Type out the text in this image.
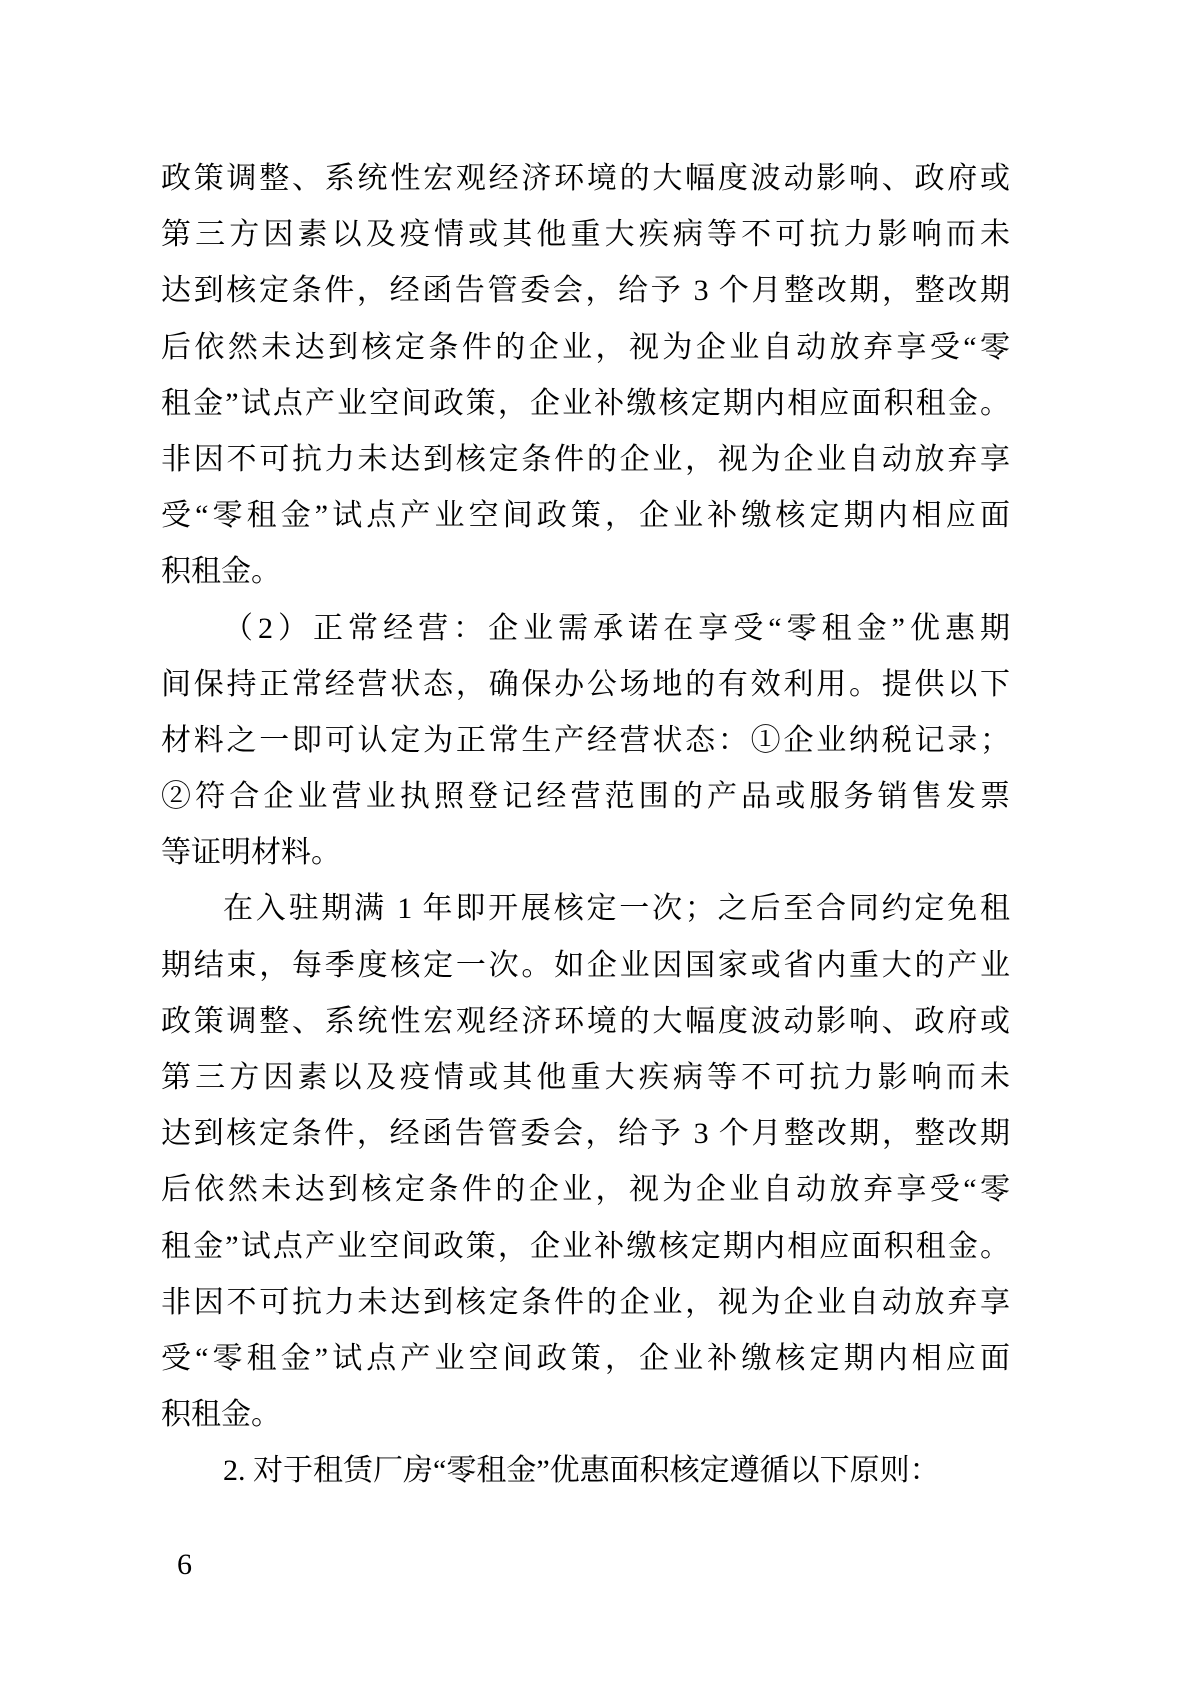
政策调整、系统性宏观经济环境的大幅度波动影响、政府或
第三方因素以及疫情或其他重大疾病等不可抗力影响而未
达到核定条件，经函告管委会，给予 3 个月整改期，整改期
后依然未达到核定条件的企业，视为企业自动放弃享受“零
租金”试点产业空间政策，企业补缴核定期内相应面积租金。
非因不可抗力未达到核定条件的企业，视为企业自动放弃享
受“零租金”试点产业空间政策，企业补缴核定期内相应面
积租金。
（2）正常经营：企业需承诺在享受“零租金”优惠期
间保持正常经营状态，确保办公场地的有效利用。提供以下
材料之一即可认定为正常生产经营状态：①企业纳税记录；
②符合企业营业执照登记经营范围的产品或服务销售发票
等证明材料。
在入驻期满 1 年即开展核定一次；之后至合同约定免租
期结束，每季度核定一次。如企业因国家或省内重大的产业
政策调整、系统性宏观经济环境的大幅度波动影响、政府或
第三方因素以及疫情或其他重大疾病等不可抗力影响而未
达到核定条件，经函告管委会，给予 3 个月整改期，整改期
后依然未达到核定条件的企业，视为企业自动放弃享受“零
租金”试点产业空间政策，企业补缴核定期内相应面积租金。
非因不可抗力未达到核定条件的企业，视为企业自动放弃享
受“零租金”试点产业空间政策，企业补缴核定期内相应面
积租金。
2. 对于租赁厂房“零租金”优惠面积核定遵循以下原则：
6
